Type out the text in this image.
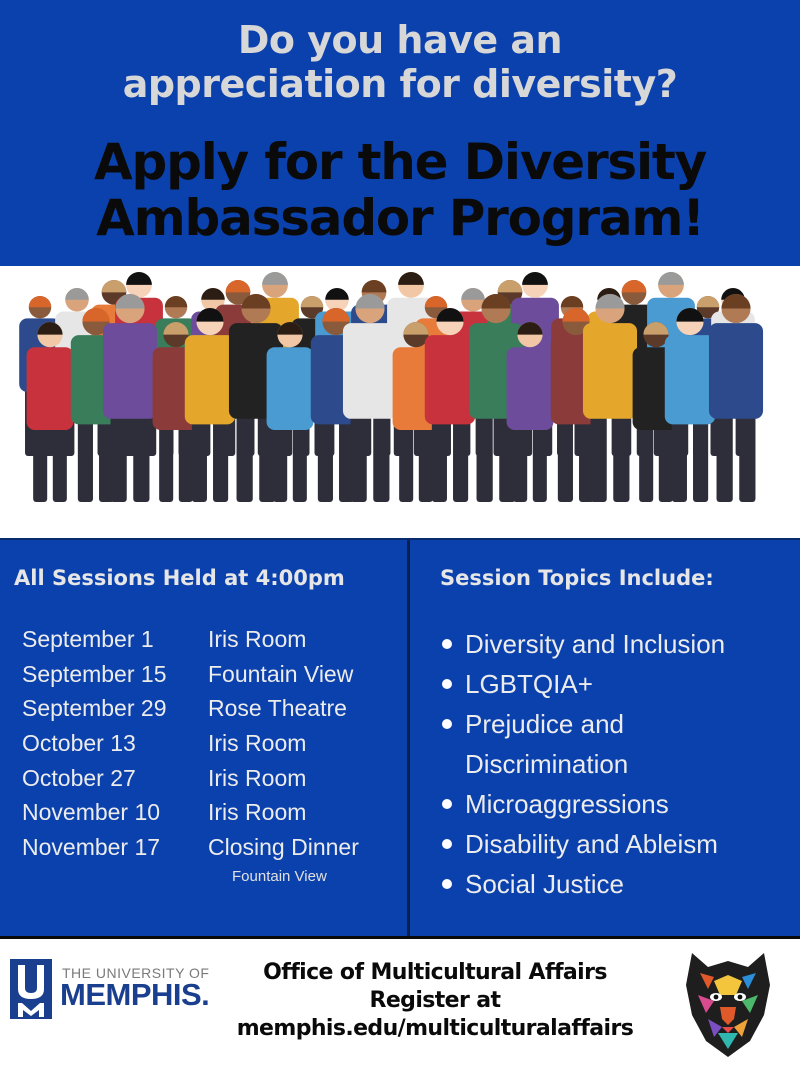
Do you have an
appreciation for diversity?
Apply for the Diversity
Ambassador Program!
All Sessions Held at 4:00pm
September 1 Iris Room
September 15 Fountain View
September 29 Rose Theatre
October 13	Iris Room
October 27	Iris Room
November 10 Iris Room
November 17 Closing Dinner
Fountain View
Session Topics Include:
Diversity and Inclusion
LGBTQIA+
Prejudice and
Discrimination
Microaggressions
Disability and Ableism
Social Justice
THE UNIVERSITY OF
MEMPHIS.
Office of Multicultural Affairs
Register at
memphis.edu/multiculturalaffairs
